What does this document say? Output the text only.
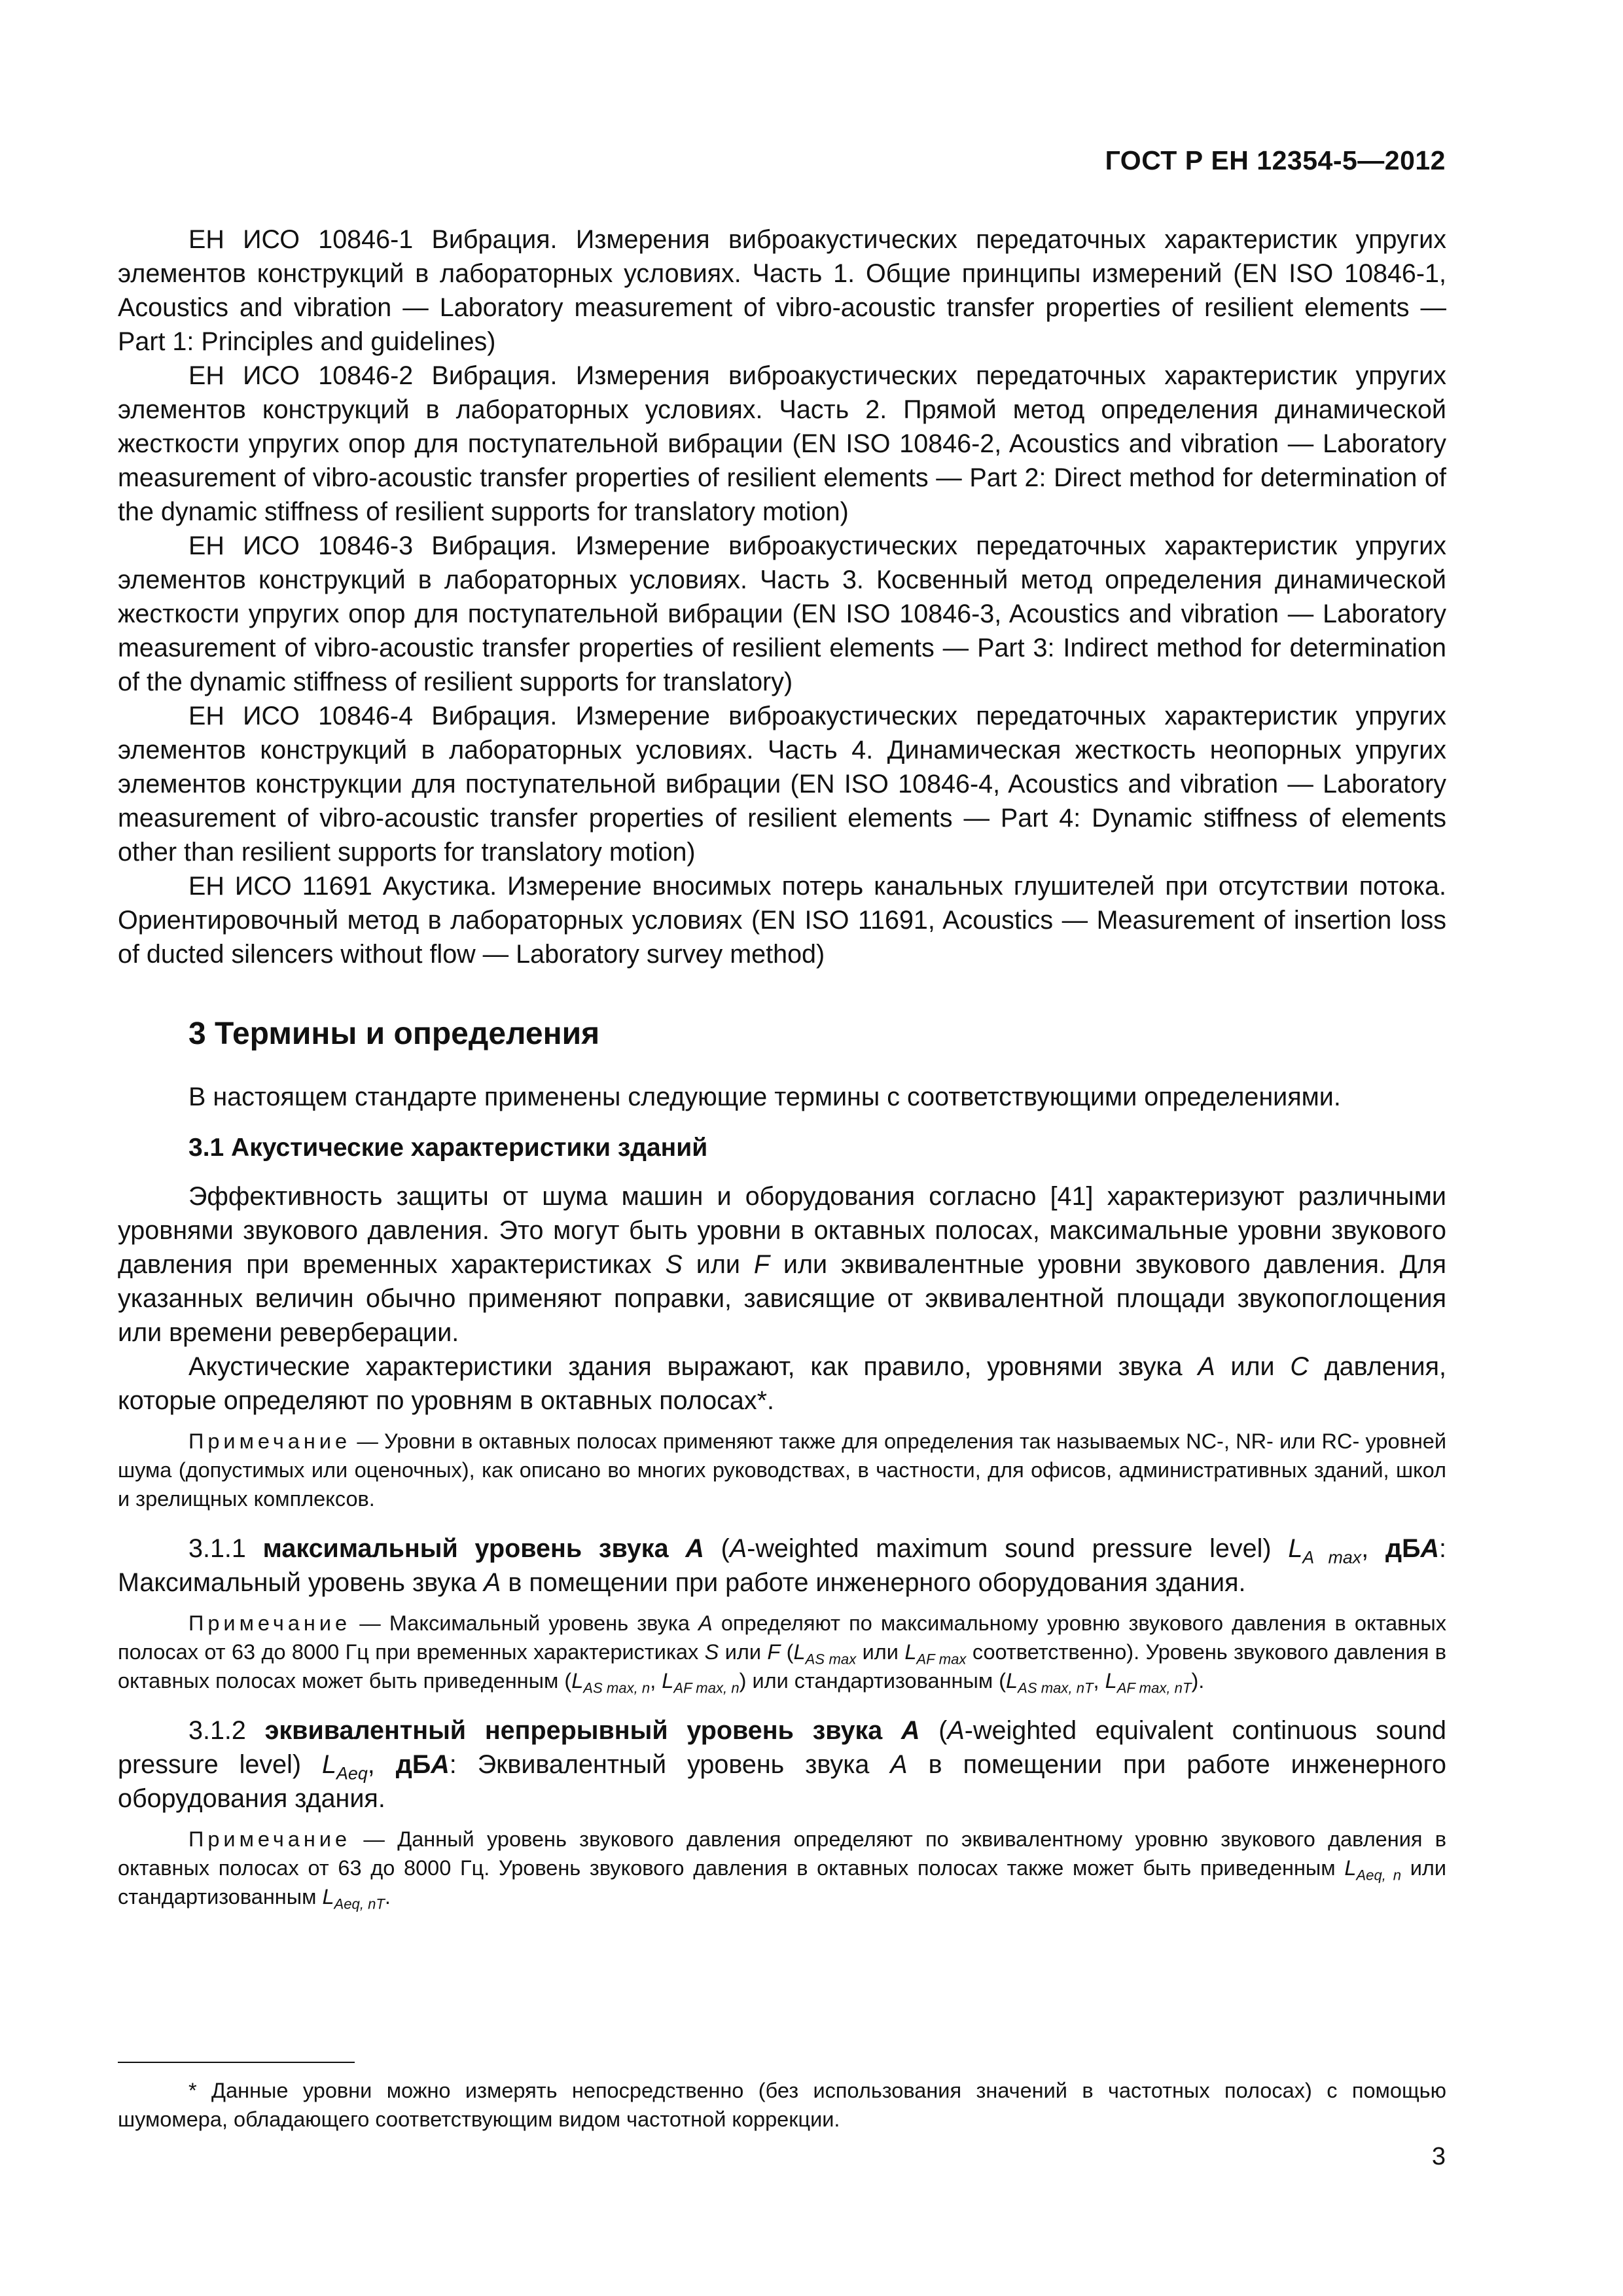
ГОСТ Р ЕН 12354-5—2012

ЕН ИСО 10846-1 Вибрация. Измерения виброакустических передаточных характеристик упругих элементов конструкций в лабораторных условиях. Часть 1. Общие принципы измерений (EN ISO 10846-1, Acoustics and vibration — Laboratory measurement of vibro-acoustic transfer properties of resilient elements — Part 1: Principles and guidelines)

ЕН ИСО 10846-2 Вибрация. Измерения виброакустических передаточных характеристик упругих элементов конструкций в лабораторных условиях. Часть 2. Прямой метод определения динамической жесткости упругих опор для поступательной вибрации (EN ISO 10846-2, Acoustics and vibration — Laboratory measurement of vibro-acoustic transfer properties of resilient elements — Part 2: Direct method for determination of the dynamic stiffness of resilient supports for translatory motion)

ЕН ИСО 10846-3 Вибрация. Измерение виброакустических передаточных характеристик упругих элементов конструкций в лабораторных условиях. Часть 3. Косвенный метод определения динамической жесткости упругих опор для поступательной вибрации (EN ISO 10846-3, Acoustics and vibration — Laboratory measurement of vibro-acoustic transfer properties of resilient elements — Part 3: Indirect method for determination of the dynamic stiffness of resilient supports for translatory)

ЕН ИСО 10846-4 Вибрация. Измерение виброакустических передаточных характеристик упругих элементов конструкций в лабораторных условиях. Часть 4. Динамическая жесткость неопорных упругих элементов конструкции для поступательной вибрации (EN ISO 10846-4, Acoustics and vibration — Laboratory measurement of vibro-acoustic transfer properties of resilient elements — Part 4: Dynamic stiffness of elements other than resilient supports for translatory motion)

ЕН ИСО 11691 Акустика. Измерение вносимых потерь канальных глушителей при отсутствии потока. Ориентировочный метод в лабораторных условиях (EN ISO 11691, Acoustics — Measurement of insertion loss of ducted silencers without flow — Laboratory survey method)

3 Термины и определения

В настоящем стандарте применены следующие термины с соответствующими определениями.

3.1 Акустические характеристики зданий

Эффективность защиты от шума машин и оборудования согласно [41] характеризуют различными уровнями звукового давления. Это могут быть уровни в октавных полосах, максимальные уровни звукового давления при временных характеристиках S или F или эквивалентные уровни звукового давления. Для указанных величин обычно применяют поправки, зависящие от эквивалентной площади звукопоглощения или времени реверберации.

Акустические характеристики здания выражают, как правило, уровнями звука A или C давления, которые определяют по уровням в октавных полосах*.

Примечание — Уровни в октавных полосах применяют также для определения так называемых NC-, NR- или RC- уровней шума (допустимых или оценочных), как описано во многих руководствах, в частности, для офисов, административных зданий, школ и зрелищных комплексов.

3.1.1 максимальный уровень звука A (A-weighted maximum sound pressure level) $L_{A max}$, дБA: Максимальный уровень звука A в помещении при работе инженерного оборудования здания.

Примечание — Максимальный уровень звука A определяют по максимальному уровню звукового давления в октавных полосах от 63 до 8000 Гц при временных характеристиках S или F ($L_{AS max}$ или $L_{AF max}$ соответственно). Уровень звукового давления в октавных полосах может быть приведенным ($L_{AS max, n}$, $L_{AF max, n}$) или стандартизованным ($L_{AS max, nT}$, $L_{AF max, nT}$).

3.1.2 эквивалентный непрерывный уровень звука A (A-weighted equivalent continuous sound pressure level) $L_{Aeq}$, дБA: Эквивалентный уровень звука A в помещении при работе инженерного оборудования здания.

Примечание — Данный уровень звукового давления определяют по эквивалентному уровню звукового давления в октавных полосах от 63 до 8000 Гц. Уровень звукового давления в октавных полосах также может быть приведенным $L_{Aeq, n}$ или стандартизованным $L_{Aeq, nT}$.

* Данные уровни можно измерять непосредственно (без использования значений в частотных полосах) с помощью шумомера, обладающего соответствующим видом частотной коррекции.

3
